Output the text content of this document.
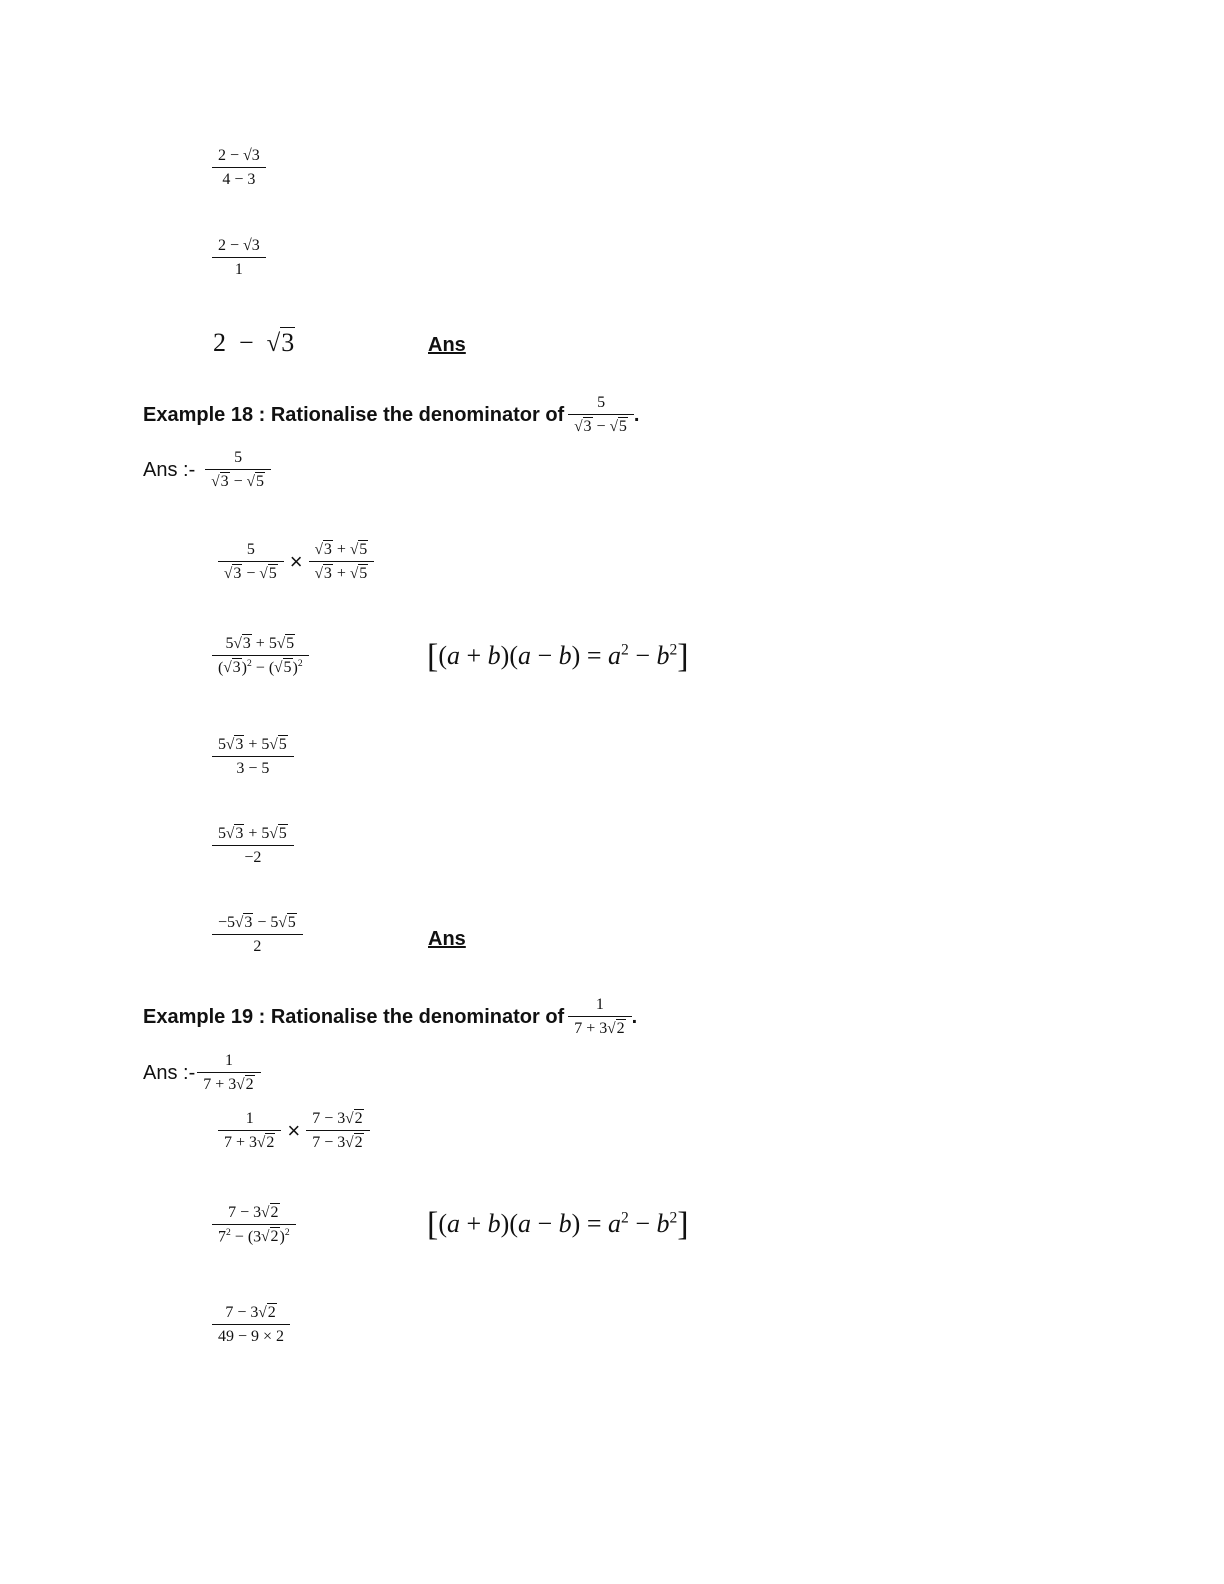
$\frac{2 - √3}{4 - 3}$
$\frac{2 - √3}{1}$
2 − √3	Ans
Example 18 : Rationalise the denominator of $\frac{5}{√3 - √5}$ .
Ans :- $\frac{5}{√3 - √5}$
$\frac{5}{√3 - √5} \times \frac{√3 + √5}{√3 + √5}$
$\frac{5√3 + 5√5}{(√3)^2 - (√5)^2}$	$[(a + b)(a - b) = a^2 - b^2]$
$\frac{5√3 + 5√5}{3 - 5}$
$\frac{5√3 + 5√5}{-2}$
$\frac{-5√3 - 5√5}{2}$	Ans
Example 19 : Rationalise the denominator of $\frac{1}{7 + 3√2}$ .
Ans :- $\frac{1}{7 + 3√2}$
$\frac{1}{7 + 3√2} \times \frac{7 - 3√2}{7 - 3√2}$
$\frac{7 - 3√2}{7^2 - (3√2)^2}$	$[(a + b)(a - b) = a^2 - b^2]$
$\frac{7 - 3√2}{49 - 9 \times 2}$
